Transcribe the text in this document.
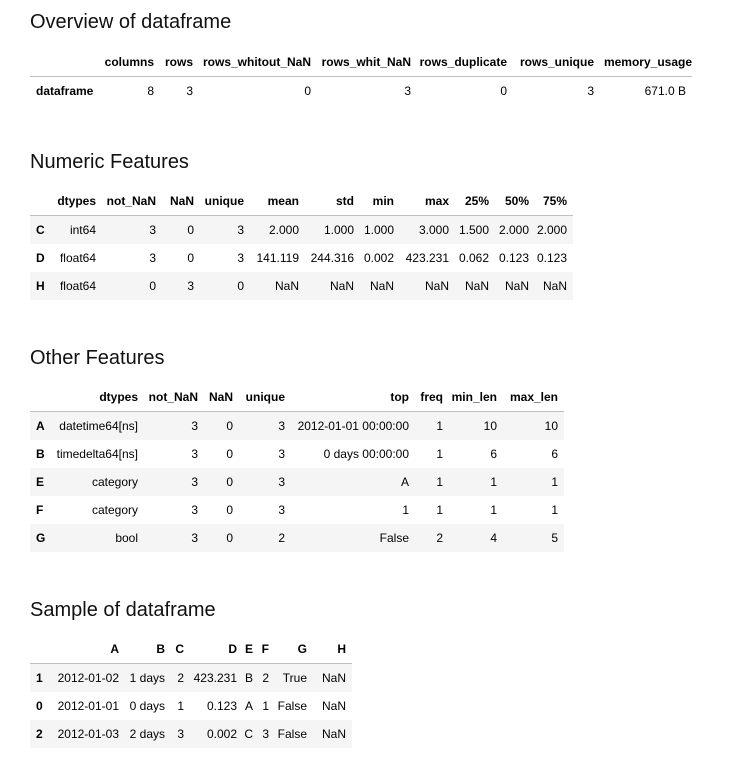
Overview of dataframe
	columns	rows	rows_whitout_NaN	rows_whit_NaN	rows_duplicate	rows_unique	memory_usage
dataframe	8	3	0	3	0	3	671.0 B
Numeric Features
	dtypes	not_NaN	NaN	unique	mean	std	min	max	25%	50%	75%
C	int64	3	0	3	2.000	1.000	1.000	3.000	1.500	2.000	2.000
D	float64	3	0	3	141.119	244.316	0.002	423.231	0.062	0.123	0.123
H	float64	0	3	0	NaN	NaN	NaN	NaN	NaN	NaN	NaN
Other Features
	dtypes	not_NaN	NaN	unique	top	freq	min_len	max_len
A	datetime64[ns]	3	0	3	2012-01-01 00:00:00	1	10	10
B	timedelta64[ns]	3	0	3	0 days 00:00:00	1	6	6
E	category	3	0	3	A	1	1	1
F	category	3	0	3	1	1	1	1
G	bool	3	0	2	False	2	4	5
Sample of dataframe
	A	B	C	D	E	F	G	H
1	2012-01-02	1 days	2	423.231	B	2	True	NaN
0	2012-01-01	0 days	1	0.123	A	1	False	NaN
2	2012-01-03	2 days	3	0.002	C	3	False	NaN
